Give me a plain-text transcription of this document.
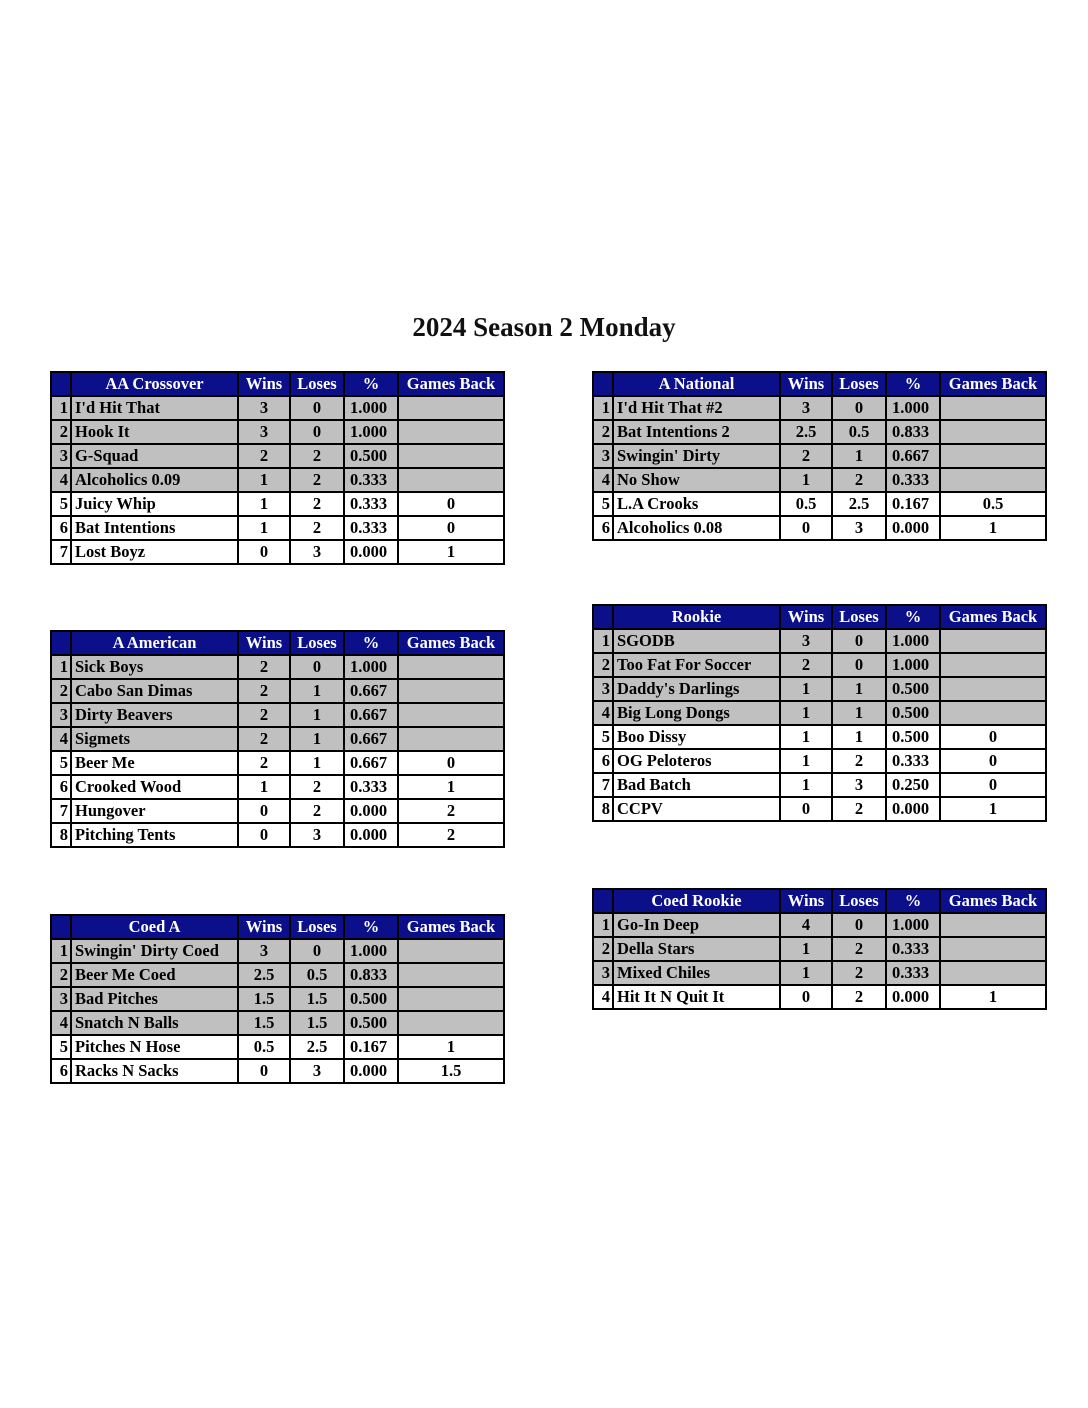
2024 Season 2 Monday
	AA Crossover	Wins	Loses	%	Games Back
1	I'd Hit That	3	0	1.000	
2	Hook It	3	0	1.000	
3	G-Squad	2	2	0.500	
4	Alcoholics 0.09	1	2	0.333	
5	Juicy Whip	1	2	0.333	0
6	Bat Intentions	1	2	0.333	0
7	Lost Boyz	0	3	0.000	1
	A American	Wins	Loses	%	Games Back
1	Sick Boys	2	0	1.000	
2	Cabo San Dimas	2	1	0.667	
3	Dirty Beavers	2	1	0.667	
4	Sigmets	2	1	0.667	
5	Beer Me	2	1	0.667	0
6	Crooked Wood	1	2	0.333	1
7	Hungover	0	2	0.000	2
8	Pitching Tents	0	3	0.000	2
	Coed A	Wins	Loses	%	Games Back
1	Swingin' Dirty Coed	3	0	1.000	
2	Beer Me Coed	2.5	0.5	0.833	
3	Bad Pitches	1.5	1.5	0.500	
4	Snatch N Balls	1.5	1.5	0.500	
5	Pitches N Hose	0.5	2.5	0.167	1
6	Racks N Sacks	0	3	0.000	1.5
	A National	Wins	Loses	%	Games Back
1	I'd Hit That #2	3	0	1.000	
2	Bat Intentions 2	2.5	0.5	0.833	
3	Swingin' Dirty	2	1	0.667	
4	No Show	1	2	0.333	
5	L.A Crooks	0.5	2.5	0.167	0.5
6	Alcoholics 0.08	0	3	0.000	1
	Rookie	Wins	Loses	%	Games Back
1	SGODB	3	0	1.000	
2	Too Fat For Soccer	2	0	1.000	
3	Daddy's Darlings	1	1	0.500	
4	Big Long Dongs	1	1	0.500	
5	Boo Dissy	1	1	0.500	0
6	OG Peloteros	1	2	0.333	0
7	Bad Batch	1	3	0.250	0
8	CCPV	0	2	0.000	1
	Coed Rookie	Wins	Loses	%	Games Back
1	Go-In Deep	4	0	1.000	
2	Della Stars	1	2	0.333	
3	Mixed Chiles	1	2	0.333	
4	Hit It N Quit It	0	2	0.000	1
